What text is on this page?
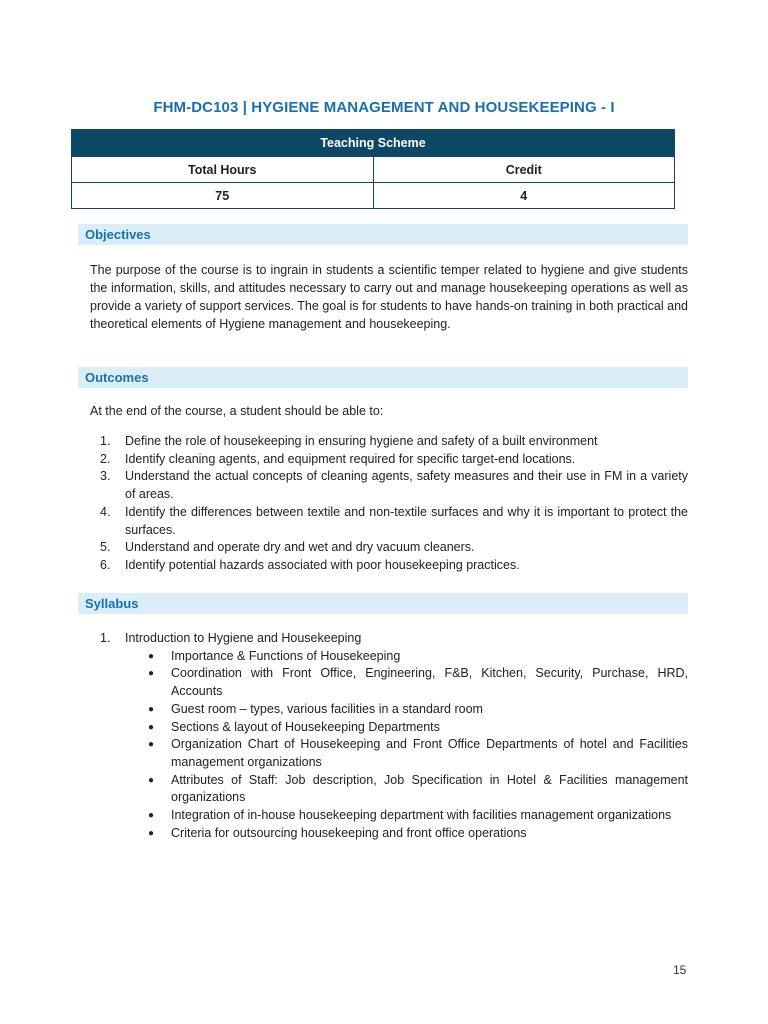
FHM-DC103 | HYGIENE MANAGEMENT AND HOUSEKEEPING - I
Teaching Scheme	
Total Hours	Credit
75	4
Objectives
The purpose of the course is to ingrain in students a scientific temper related to hygiene and give students the information, skills, and attitudes necessary to carry out and manage housekeeping operations as well as provide a variety of support services. The goal is for students to have hands-on training in both practical and theoretical elements of Hygiene management and housekeeping.
Outcomes
At the end of the course, a student should be able to:
1. Define the role of housekeeping in ensuring hygiene and safety of a built environment
2. Identify cleaning agents, and equipment required for specific target-end locations.
3. Understand the actual concepts of cleaning agents, safety measures and their use in FM in a variety of areas.
4. Identify the differences between textile and non-textile surfaces and why it is important to protect the surfaces.
5. Understand and operate dry and wet and dry vacuum cleaners.
6. Identify potential hazards associated with poor housekeeping practices.
Syllabus
1. Introduction to Hygiene and Housekeeping
● Importance & Functions of Housekeeping
● Coordination with Front Office, Engineering, F&B, Kitchen, Security, Purchase, HRD, Accounts
● Guest room – types, various facilities in a standard room
● Sections & layout of Housekeeping Departments
● Organization Chart of Housekeeping and Front Office Departments of hotel and Facilities management organizations
● Attributes of Staff: Job description, Job Specification in Hotel & Facilities management organizations
● Integration of in-house housekeeping department with facilities management organizations
● Criteria for outsourcing housekeeping and front office operations
15
